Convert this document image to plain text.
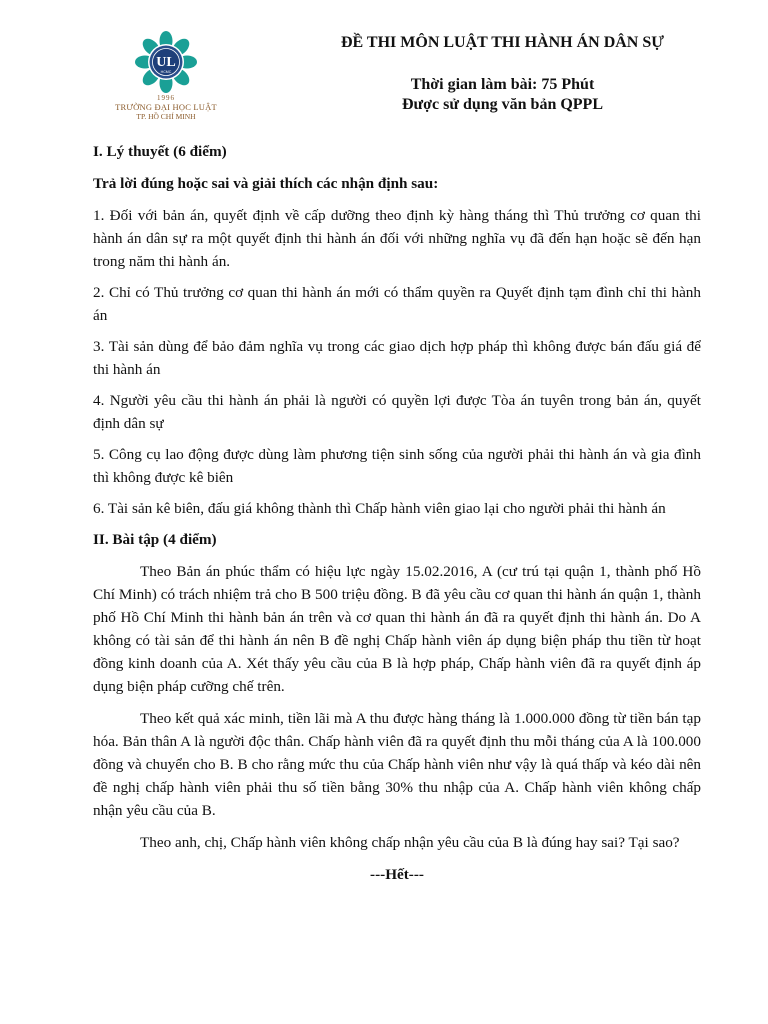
UL
HCMC
1996
TRƯỜNG ĐẠI HỌC LUẬT
TP. HỒ CHÍ MINH
ĐỀ THI MÔN LUẬT THI HÀNH ÁN DÂN SỰ
Thời gian làm bài: 75 Phút
Được sử dụng văn bản QPPL
I. Lý thuyết (6 điểm)
Trả lời đúng hoặc sai và giải thích các nhận định sau:
1. Đối với bản án, quyết định về cấp dưỡng theo định kỳ hàng tháng thì Thủ trưởng cơ quan thi hành án dân sự ra một quyết định thi hành án đối với những nghĩa vụ đã đến hạn hoặc sẽ đến hạn trong năm thi hành án.
2. Chỉ có Thủ trưởng cơ quan thi hành án mới có thẩm quyền ra Quyết định tạm đình chỉ thi hành án
3. Tài sản dùng để bảo đảm nghĩa vụ trong các giao dịch hợp pháp thì không được bán đấu giá để thi hành án
4. Người yêu cầu thi hành án phải là người có quyền lợi được Tòa án tuyên trong bản án, quyết định dân sự
5. Công cụ lao động được dùng làm phương tiện sinh sống của người phải thi hành án và gia đình thì không được kê biên
6. Tài sản kê biên, đấu giá không thành thì Chấp hành viên giao lại cho người phải thi hành án
II. Bài tập (4 điểm)
Theo Bản án phúc thẩm có hiệu lực ngày 15.02.2016, A (cư trú tại quận 1, thành phố Hồ Chí Minh) có trách nhiệm trả cho B 500 triệu đồng. B đã yêu cầu cơ quan thi hành án quận 1, thành phố Hồ Chí Minh thi hành bản án trên và cơ quan thi hành án đã ra quyết định thi hành án. Do A không có tài sản để thi hành án nên B đề nghị Chấp hành viên áp dụng biện pháp thu tiền từ hoạt đồng kinh doanh của A. Xét thấy yêu cầu của B là hợp pháp, Chấp hành viên đã ra quyết định áp dụng biện pháp cưỡng chế trên.
Theo kết quả xác minh, tiền lãi mà A thu được hàng tháng là 1.000.000 đồng từ tiền bán tạp hóa. Bản thân A là người độc thân. Chấp hành viên đã ra quyết định thu mỗi tháng của A là 100.000 đồng và chuyển cho B. B cho rằng mức thu của Chấp hành viên như vậy là quá thấp và kéo dài nên đề nghị chấp hành viên phải thu số tiền bằng 30% thu nhập của A. Chấp hành viên không chấp nhận yêu cầu của B.
Theo anh, chị, Chấp hành viên không chấp nhận yêu cầu của B là đúng hay sai? Tại sao?
---Hết---
